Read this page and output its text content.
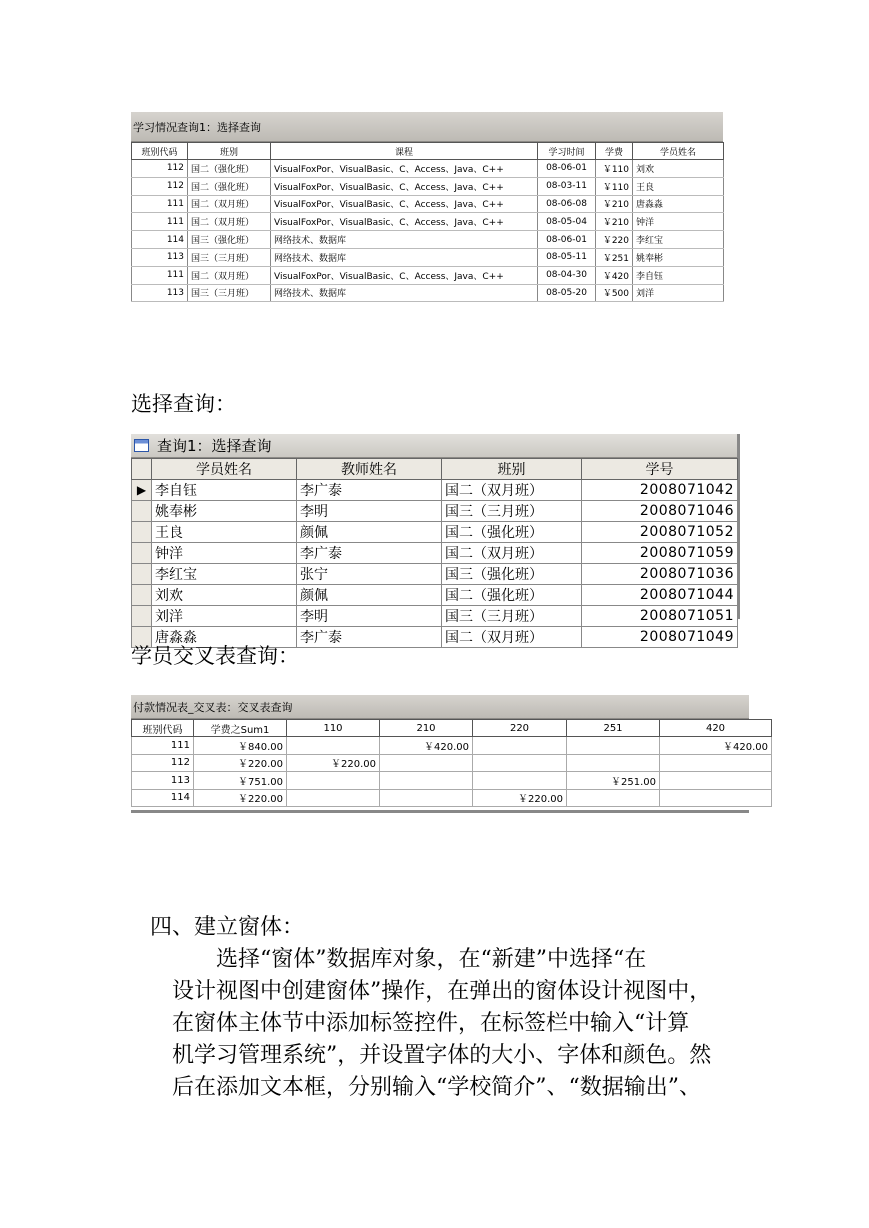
学习情况查询1：选择查询
班别代码	班别	课程	学习时间	学费	学员姓名
112	国二（强化班）	VisualFoxPor、VisualBasic、C、Access、Java、C++	08-06-01	￥110	刘欢
112	国二（强化班）	VisualFoxPor、VisualBasic、C、Access、Java、C++	08-03-11	￥110	王良
111	国二（双月班）	VisualFoxPor、VisualBasic、C、Access、Java、C++	08-06-08	￥210	唐淼淼
111	国二（双月班）	VisualFoxPor、VisualBasic、C、Access、Java、C++	08-05-04	￥210	钟洋
114	国三（强化班）	网络技术、数据库	08-06-01	￥220	李红宝
113	国三（三月班）	网络技术、数据库	08-05-11	￥251	姚奉彬
111	国二（双月班）	VisualFoxPor、VisualBasic、C、Access、Java、C++	08-04-30	￥420	李自钰
113	国三（三月班）	网络技术、数据库	08-05-20	￥500	刘洋
选择查询：
查询1：选择查询
	学员姓名	教师姓名	班别	学号
▶	李自钰	李广泰	国二（双月班）	2008071042
	姚奉彬	李明	国三（三月班）	2008071046
	王良	颜佩	国二（强化班）	2008071052
	钟洋	李广泰	国二（双月班）	2008071059
	李红宝	张宁	国三（强化班）	2008071036
	刘欢	颜佩	国二（强化班）	2008071044
	刘洋	李明	国三（三月班）	2008071051
	唐淼淼	李广泰	国二（双月班）	2008071049
学员交叉表查询：
付款情况表_交叉表：交叉表查询
班别代码	学费之Sum1	110	210	220	251	420
111	￥840.00		￥420.00			￥420.00
112	￥220.00	￥220.00				
113	￥751.00				￥251.00	
114	￥220.00			￥220.00		
四、建立窗体：
　　选择“窗体”数据库对象，在“新建”中选择“在
设计视图中创建窗体”操作，在弹出的窗体设计视图中，
在窗体主体节中添加标签控件，在标签栏中输入“计算
机学习管理系统”，并设置字体的大小、字体和颜色。然
后在添加文本框，分别输入“学校简介”、“数据输出”、
